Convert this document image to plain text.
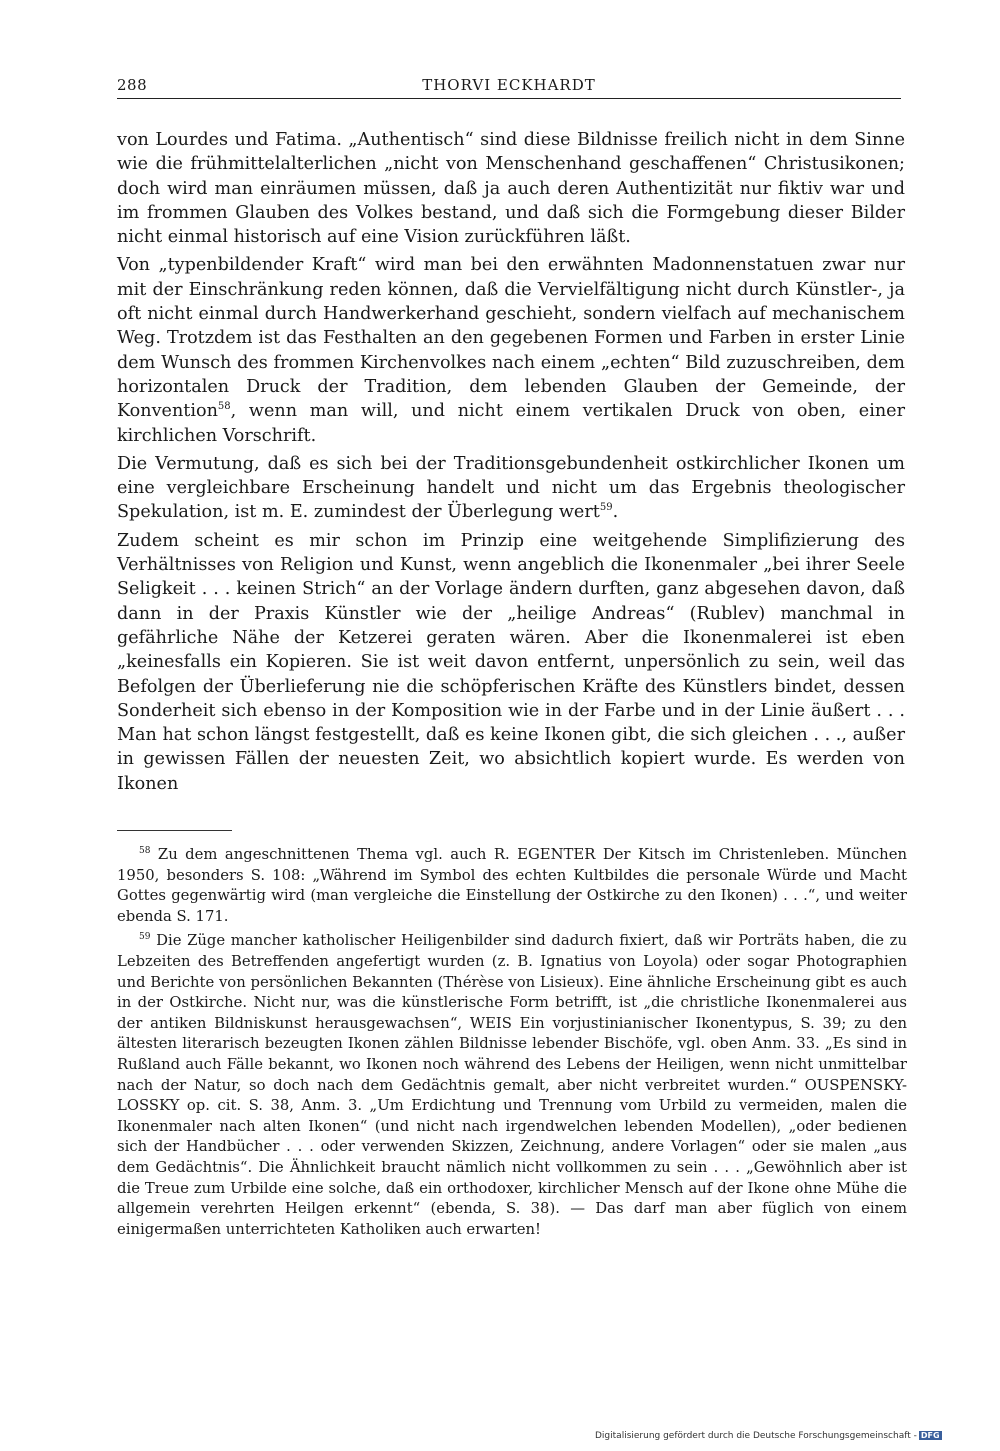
288	THORVI ECKHARDT

von Lourdes und Fatima. „Authentisch“ sind diese Bildnisse freilich nicht in dem Sinne wie die frühmittelalterlichen „nicht von Menschenhand geschaffenen“ Christusikonen; doch wird man einräumen müssen, daß ja auch deren Authentizität nur fiktiv war und im frommen Glauben des Volkes bestand, und daß sich die Formgebung dieser Bilder nicht einmal historisch auf eine Vision zurückführen läßt.

Von „typenbildender Kraft“ wird man bei den erwähnten Madonnenstatuen zwar nur mit der Einschränkung reden können, daß die Vervielfältigung nicht durch Künstler-, ja oft nicht einmal durch Handwerkerhand geschieht, sondern vielfach auf mechanischem Weg. Trotzdem ist das Festhalten an den gegebenen Formen und Farben in erster Linie dem Wunsch des frommen Kirchenvolkes nach einem „echten“ Bild zuzuschreiben, dem horizontalen Druck der Tradition, dem lebenden Glauben der Gemeinde, der Konvention$^{58}$, wenn man will, und nicht einem vertikalen Druck von oben, einer kirchlichen Vorschrift.

Die Vermutung, daß es sich bei der Traditionsgebundenheit ostkirchlicher Ikonen um eine vergleichbare Erscheinung handelt und nicht um das Ergebnis theologischer Spekulation, ist m. E. zumindest der Überlegung wert$^{59}$.

Zudem scheint es mir schon im Prinzip eine weitgehende Simplifizierung des Verhältnisses von Religion und Kunst, wenn angeblich die Ikonenmaler „bei ihrer Seele Seligkeit . . . keinen Strich“ an der Vorlage ändern durften, ganz abgesehen davon, daß dann in der Praxis Künstler wie der „heilige Andreas“ (Rublev) manchmal in gefährliche Nähe der Ketzerei geraten wären. Aber die Ikonenmalerei ist eben „keinesfalls ein Kopieren. Sie ist weit davon entfernt, unpersönlich zu sein, weil das Befolgen der Überlieferung nie die schöpferischen Kräfte des Künstlers bindet, dessen Sonderheit sich ebenso in der Komposition wie in der Farbe und in der Linie äußert . . . Man hat schon längst festgestellt, daß es keine Ikonen gibt, die sich gleichen . . ., außer in gewissen Fällen der neuesten Zeit, wo absichtlich kopiert wurde. Es werden von Ikonen

$^{58}$ Zu dem angeschnittenen Thema vgl. auch R. EGENTER Der Kitsch im Christenleben. München 1950, besonders S. 108: „Während im Symbol des echten Kultbildes die personale Würde und Macht Gottes gegenwärtig wird (man vergleiche die Einstellung der Ostkirche zu den Ikonen) . . .“, und weiter ebenda S. 171.

$^{59}$ Die Züge mancher katholischer Heiligenbilder sind dadurch fixiert, daß wir Porträts haben, die zu Lebzeiten des Betreffenden angefertigt wurden (z. B. Ignatius von Loyola) oder sogar Photographien und Berichte von persönlichen Bekannten (Thérèse von Lisieux). Eine ähnliche Erscheinung gibt es auch in der Ostkirche. Nicht nur, was die künstlerische Form betrifft, ist „die christliche Ikonenmalerei aus der antiken Bildniskunst herausgewachsen“, WEIS Ein vorjustinianischer Ikonentypus, S. 39; zu den ältesten literarisch bezeugten Ikonen zählen Bildnisse lebender Bischöfe, vgl. oben Anm. 33. „Es sind in Rußland auch Fälle bekannt, wo Ikonen noch während des Lebens der Heiligen, wenn nicht unmittelbar nach der Natur, so doch nach dem Gedächtnis gemalt, aber nicht verbreitet wurden.“ OUSPENSKY-LOSSKY op. cit. S. 38, Anm. 3. „Um Erdichtung und Trennung vom Urbild zu vermeiden, malen die Ikonenmaler nach alten Ikonen“ (und nicht nach irgendwelchen lebenden Modellen), „oder bedienen sich der Handbücher . . . oder verwenden Skizzen, Zeichnung, andere Vorlagen“ oder sie malen „aus dem Gedächtnis“. Die Ähnlichkeit braucht nämlich nicht vollkommen zu sein . . . „Gewöhnlich aber ist die Treue zum Urbilde eine solche, daß ein orthodoxer, kirchlicher Mensch auf der Ikone ohne Mühe die allgemein verehrten Heilgen erkennt“ (ebenda, S. 38). — Das darf man aber füglich von einem einigermaßen unterrichteten Katholiken auch erwarten!

Digitalisierung gefördert durch die Deutsche Forschungsgemeinschaft - DFG
